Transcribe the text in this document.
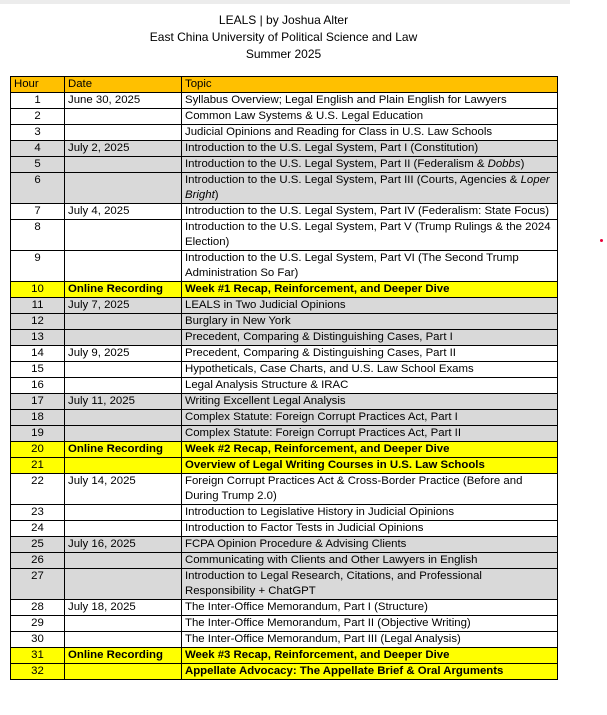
LEALS | by Joshua Alter
East China University of Political Science and Law
Summer 2025
Hour	Date	Topic
1	June 30, 2025	Syllabus Overview; Legal English and Plain English for Lawyers
2		Common Law Systems & U.S. Legal Education
3		Judicial Opinions and Reading for Class in U.S. Law Schools
4	July 2, 2025	Introduction to the U.S. Legal System, Part I (Constitution)
5		Introduction to the U.S. Legal System, Part II (Federalism & Dobbs)
6		Introduction to the U.S. Legal System, Part III (Courts, Agencies & Loper Bright)
7	July 4, 2025	Introduction to the U.S. Legal System, Part IV (Federalism: State Focus)
8		Introduction to the U.S. Legal System, Part V (Trump Rulings & the 2024 Election)
9		Introduction to the U.S. Legal System, Part VI (The Second Trump Administration So Far)
10	Online Recording	Week #1 Recap, Reinforcement, and Deeper Dive
11	July 7, 2025	LEALS in Two Judicial Opinions
12		Burglary in New York
13		Precedent, Comparing & Distinguishing Cases, Part I
14	July 9, 2025	Precedent, Comparing & Distinguishing Cases, Part II
15		Hypotheticals, Case Charts, and U.S. Law School Exams
16		Legal Analysis Structure & IRAC
17	July 11, 2025	Writing Excellent Legal Analysis
18		Complex Statute: Foreign Corrupt Practices Act, Part I
19		Complex Statute: Foreign Corrupt Practices Act, Part II
20	Online Recording	Week #2 Recap, Reinforcement, and Deeper Dive
21		Overview of Legal Writing Courses in U.S. Law Schools
22	July 14, 2025	Foreign Corrupt Practices Act & Cross-Border Practice (Before and During Trump 2.0)
23		Introduction to Legislative History in Judicial Opinions
24		Introduction to Factor Tests in Judicial Opinions
25	July 16, 2025	FCPA Opinion Procedure & Advising Clients
26		Communicating with Clients and Other Lawyers in English
27		Introduction to Legal Research, Citations, and Professional Responsibility + ChatGPT
28	July 18, 2025	The Inter-Office Memorandum, Part I (Structure)
29		The Inter-Office Memorandum, Part II (Objective Writing)
30		The Inter-Office Memorandum, Part III (Legal Analysis)
31	Online Recording	Week #3 Recap, Reinforcement, and Deeper Dive
32		Appellate Advocacy: The Appellate Brief & Oral Arguments
